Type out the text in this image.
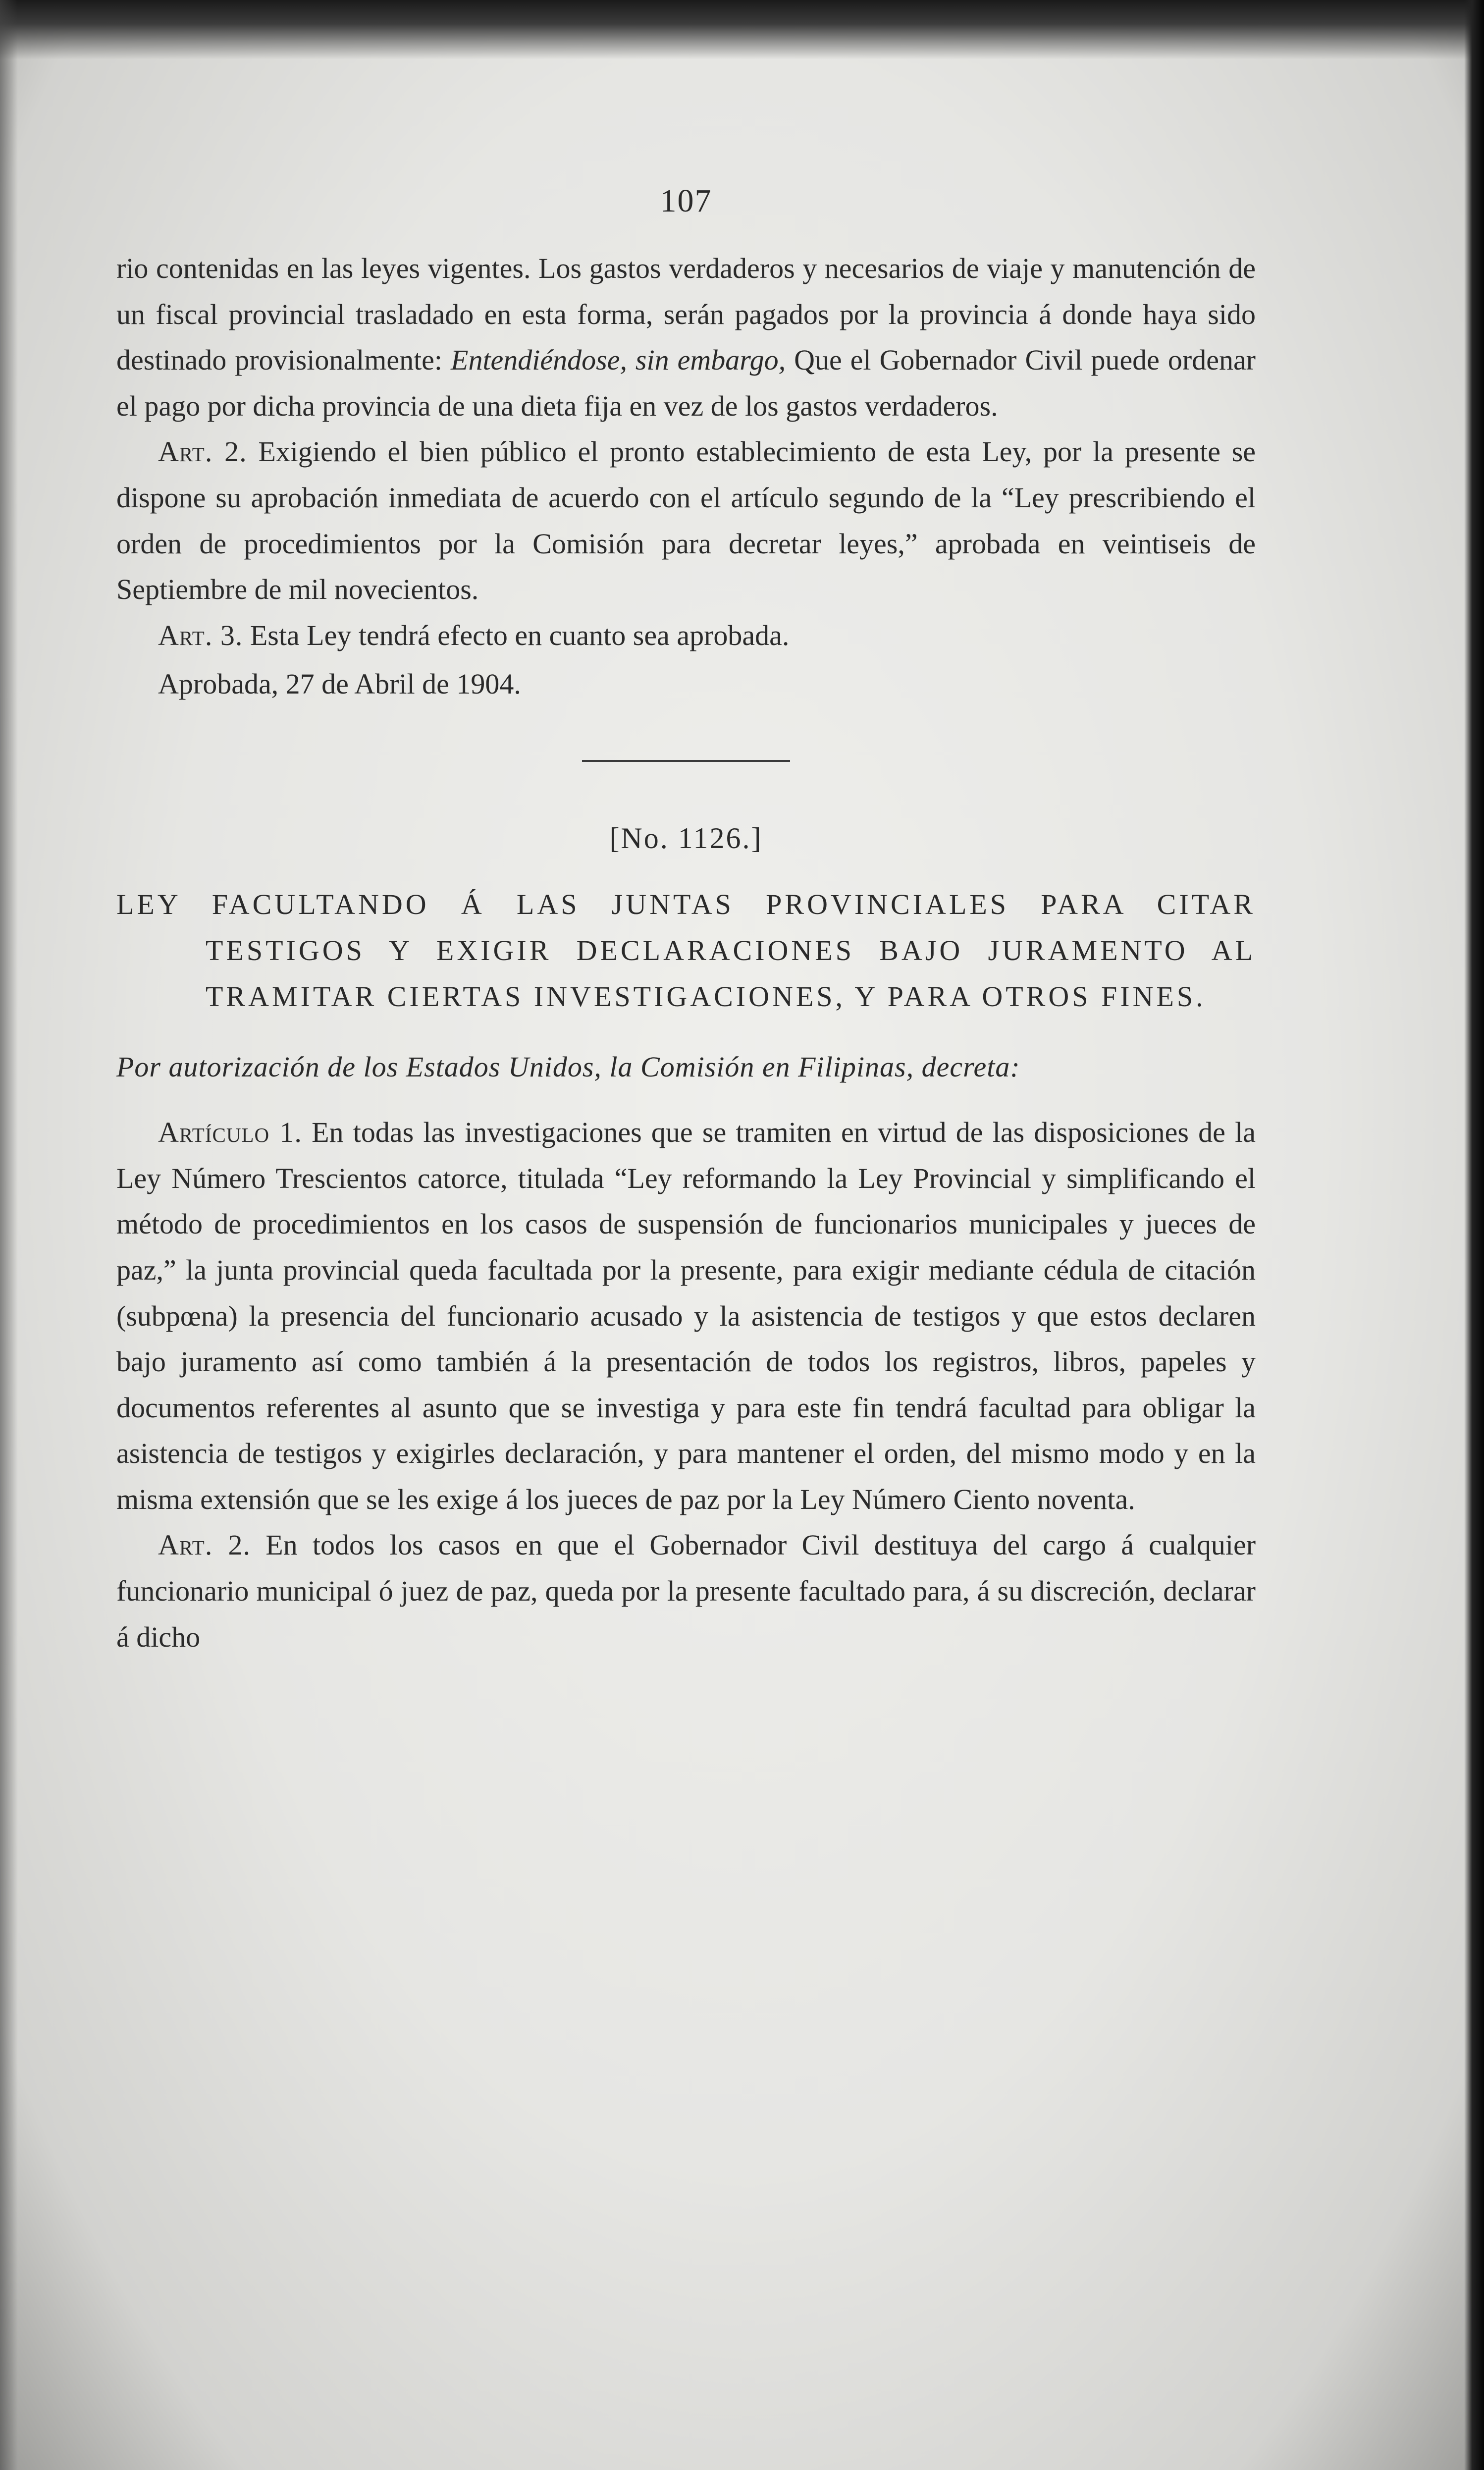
107

rio contenidas en las leyes vigentes. Los gastos verdaderos y necesarios de viaje y manutención de un fiscal provincial trasladado en esta forma, serán pagados por la provincia á donde haya sido destinado provisionalmente: Entendiéndose, sin embargo, Que el Gobernador Civil puede ordenar el pago por dicha provincia de una dieta fija en vez de los gastos verdaderos.

Art. 2. Exigiendo el bien público el pronto establecimiento de esta Ley, por la presente se dispone su aprobación inmediata de acuerdo con el artículo segundo de la “Ley prescribiendo el orden de procedimientos por la Comisión para decretar leyes,” aprobada en veintiseis de Septiembre de mil novecientos.

Art. 3. Esta Ley tendrá efecto en cuanto sea aprobada.

Aprobada, 27 de Abril de 1904.

[No. 1126.]
LEY FACULTANDO Á LAS JUNTAS PROVINCIALES PARA CITAR TESTIGOS Y EXIGIR DECLARACIONES BAJO JURAMENTO AL TRAMITAR CIERTAS INVESTIGACIONES, Y PARA OTROS FINES.

Por autorización de los Estados Unidos, la Comisión en Filipinas, decreta:

Artículo 1. En todas las investigaciones que se tramiten en virtud de las disposiciones de la Ley Número Trescientos catorce, titulada “Ley reformando la Ley Provincial y simplificando el método de procedimientos en los casos de suspensión de funcionarios municipales y jueces de paz,” la junta provincial queda facultada por la presente, para exigir mediante cédula de citación (subpœna) la presencia del funcionario acusado y la asistencia de testigos y que estos declaren bajo juramento así como también á la presentación de todos los registros, libros, papeles y documentos referentes al asunto que se investiga y para este fin tendrá facultad para obligar la asistencia de testigos y exigirles declaración, y para mantener el orden, del mismo modo y en la misma extensión que se les exige á los jueces de paz por la Ley Número Ciento noventa.

Art. 2. En todos los casos en que el Gobernador Civil destituya del cargo á cualquier funcionario municipal ó juez de paz, queda por la presente facultado para, á su discreción, declarar á dicho
